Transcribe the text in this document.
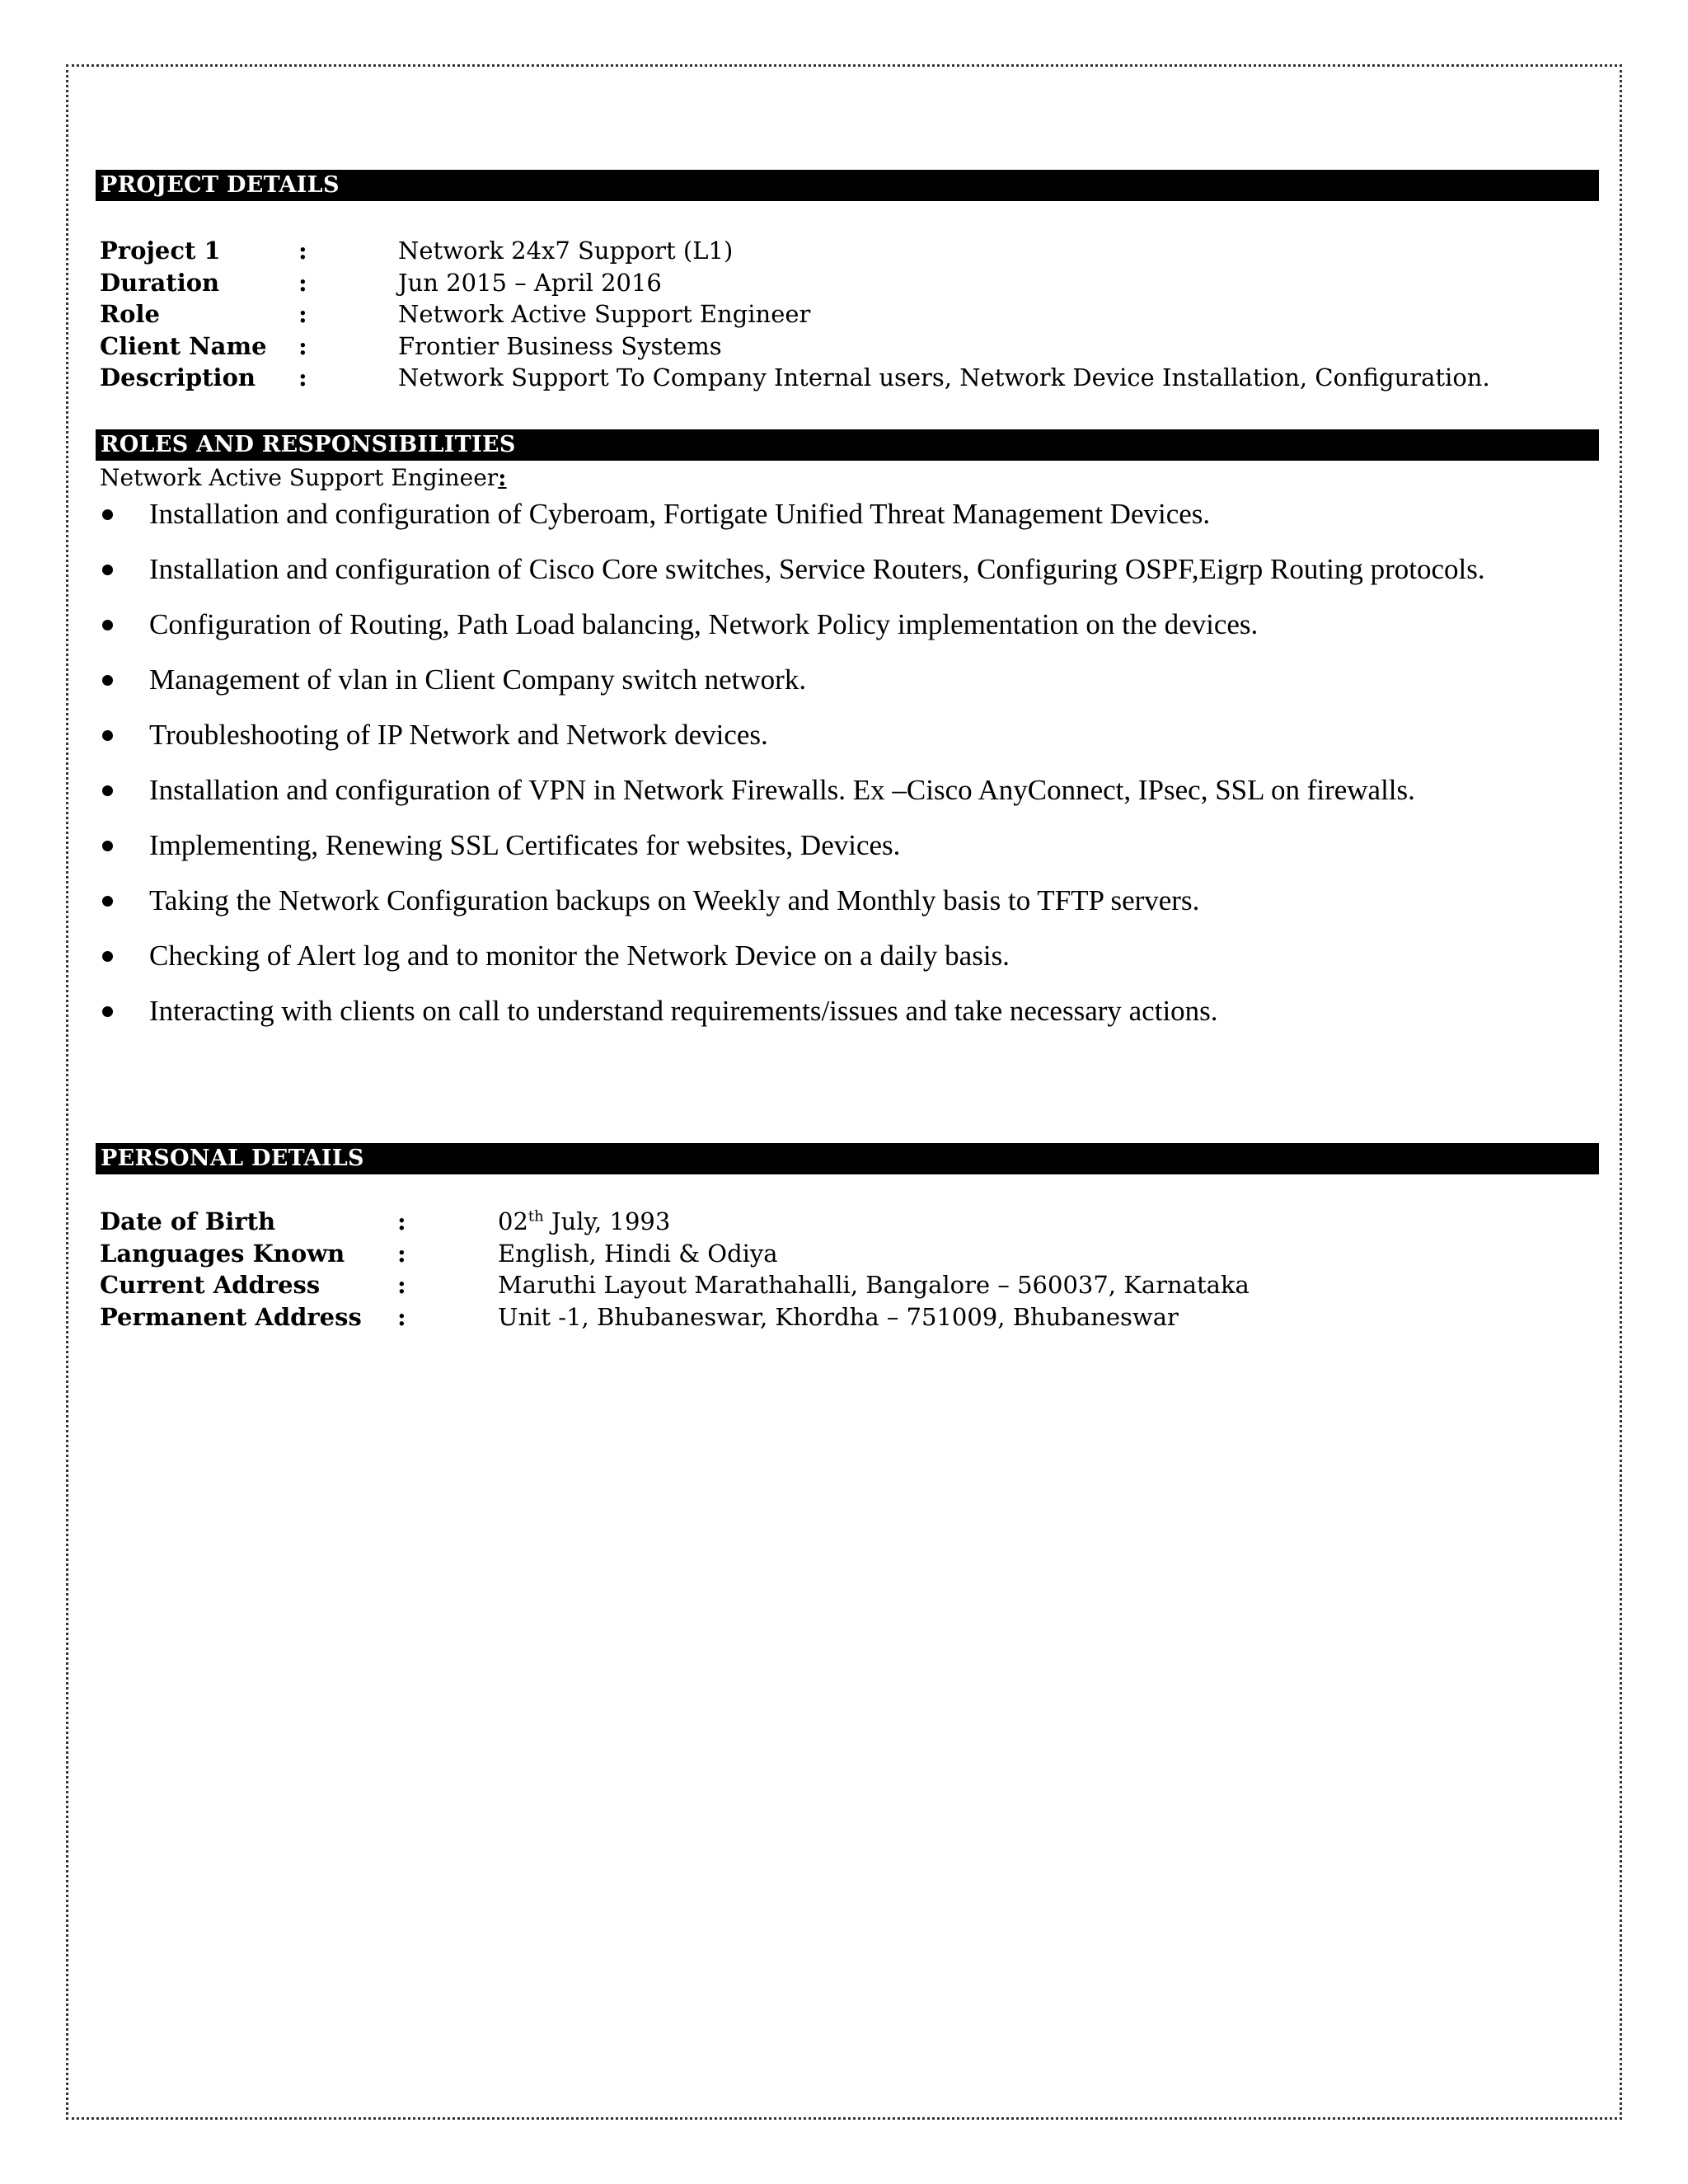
PROJECT DETAILS
Project 1	:	Network 24x7 Support (L1)
Duration	:	Jun 2015 – April 2016
Role	:	Network Active Support Engineer
Client Name :	Frontier Business Systems
Description :	Network Support To Company Internal users, Network Device Installation, Configuration.
ROLES AND RESPONSIBILITIES
Network Active Support Engineer:
Installation and configuration of Cyberoam, Fortigate Unified Threat Management Devices.
Installation and configuration of Cisco Core switches, Service Routers, Configuring OSPF,Eigrp Routing protocols.
Configuration of Routing, Path Load balancing, Network Policy implementation on the devices.
Management of vlan in Client Company switch network.
Troubleshooting of IP Network and Network devices.
Installation and configuration of VPN in Network Firewalls. Ex –Cisco AnyConnect, IPsec, SSL on firewalls.
Implementing, Renewing SSL Certificates for websites, Devices.
Taking the Network Configuration backups on Weekly and Monthly basis to TFTP servers.
Checking of Alert log and to monitor the Network Device on a daily basis.
Interacting with clients on call to understand requirements/issues and take necessary actions.
PERSONAL DETAILS
Date of Birth	:	02th July, 1993
Languages Known :	English, Hindi & Odiya
Current Address	:	Maruthi Layout Marathahalli, Bangalore – 560037, Karnataka
Permanent Address :	Unit -1, Bhubaneswar, Khordha – 751009, Bhubaneswar
